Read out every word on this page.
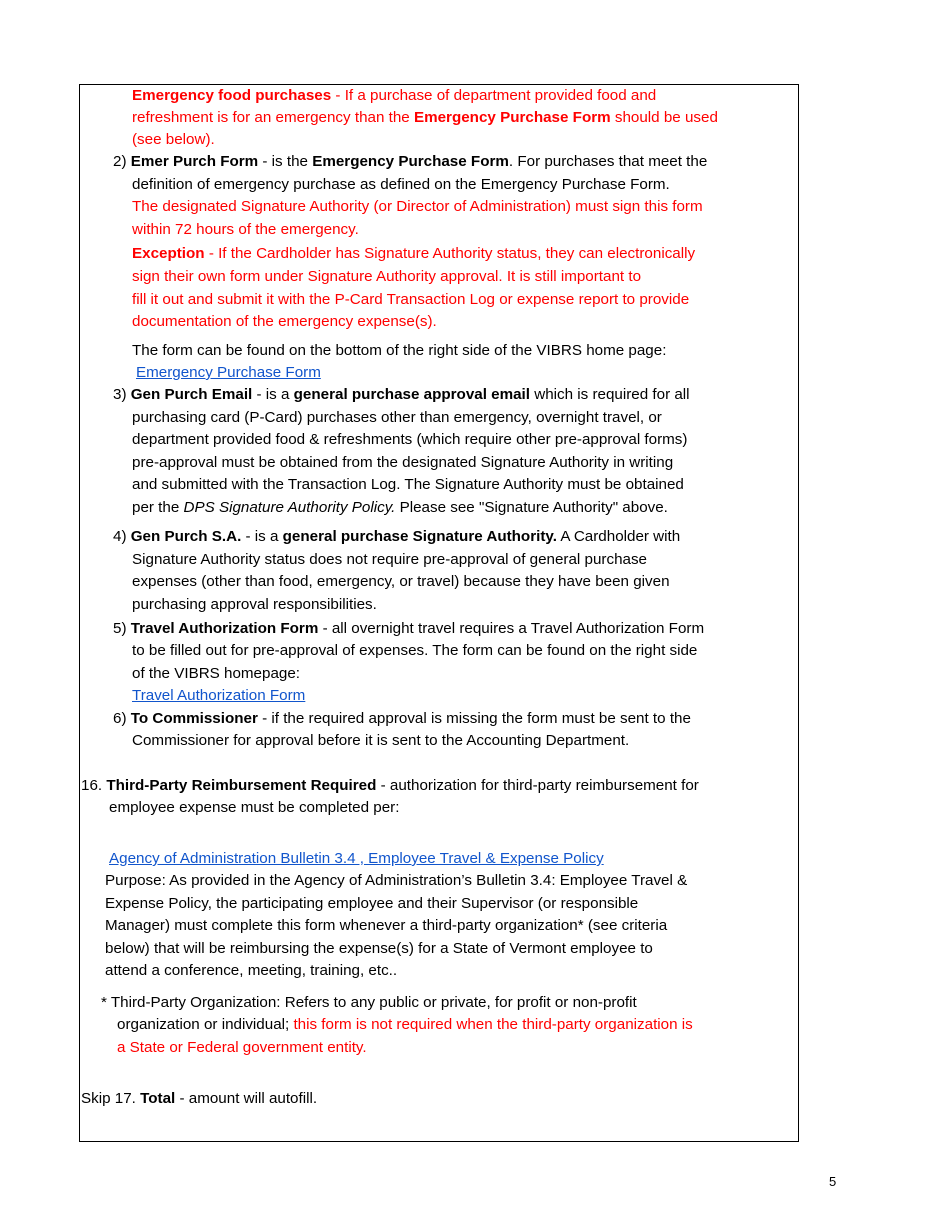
Emergency food purchases - If a purchase of department provided food and
refreshment is for an emergency than the Emergency Purchase Form should be used
(see below).
2) Emer Purch Form - is the Emergency Purchase Form. For purchases that meet the
definition of emergency purchase as defined on the Emergency Purchase Form.
The designated Signature Authority (or Director of Administration) must sign this form
within 72 hours of the emergency.
Exception - If the Cardholder has Signature Authority status, they can electronically
sign their own form under Signature Authority approval. It is still important to
fill it out and submit it with the P-Card Transaction Log or expense report to provide
documentation of the emergency expense(s).
The form can be found on the bottom of the right side of the VIBRS home page:
Emergency Purchase Form
3) Gen Purch Email - is a general purchase approval email which is required for all
purchasing card (P-Card) purchases other than emergency, overnight travel, or
department provided food & refreshments (which require other pre-approval forms)
pre-approval must be obtained from the designated Signature Authority in writing
and submitted with the Transaction Log. The Signature Authority must be obtained
per the DPS Signature Authority Policy. Please see "Signature Authority" above.
4) Gen Purch S.A. - is a general purchase Signature Authority. A Cardholder with
Signature Authority status does not require pre-approval of general purchase
expenses (other than food, emergency, or travel) because they have been given
purchasing approval responsibilities.
5) Travel Authorization Form - all overnight travel requires a Travel Authorization Form
to be filled out for pre-approval of expenses. The form can be found on the right side
of the VIBRS homepage:
Travel Authorization Form
6) To Commissioner - if the required approval is missing the form must be sent to the
Commissioner for approval before it is sent to the Accounting Department.
16. Third-Party Reimbursement Required - authorization for third-party reimbursement for
employee expense must be completed per:
Agency of Administration Bulletin 3.4 , Employee Travel & Expense Policy
Purpose: As provided in the Agency of Administration’s Bulletin 3.4: Employee Travel &
Expense Policy, the participating employee and their Supervisor (or responsible
Manager) must complete this form whenever a third-party organization* (see criteria
below) that will be reimbursing the expense(s) for a State of Vermont employee to
attend a conference, meeting, training, etc..
* Third-Party Organization: Refers to any public or private, for profit or non-profit
organization or individual; this form is not required when the third-party organization is
a State or Federal government entity.
Skip 17. Total - amount will autofill.
5
